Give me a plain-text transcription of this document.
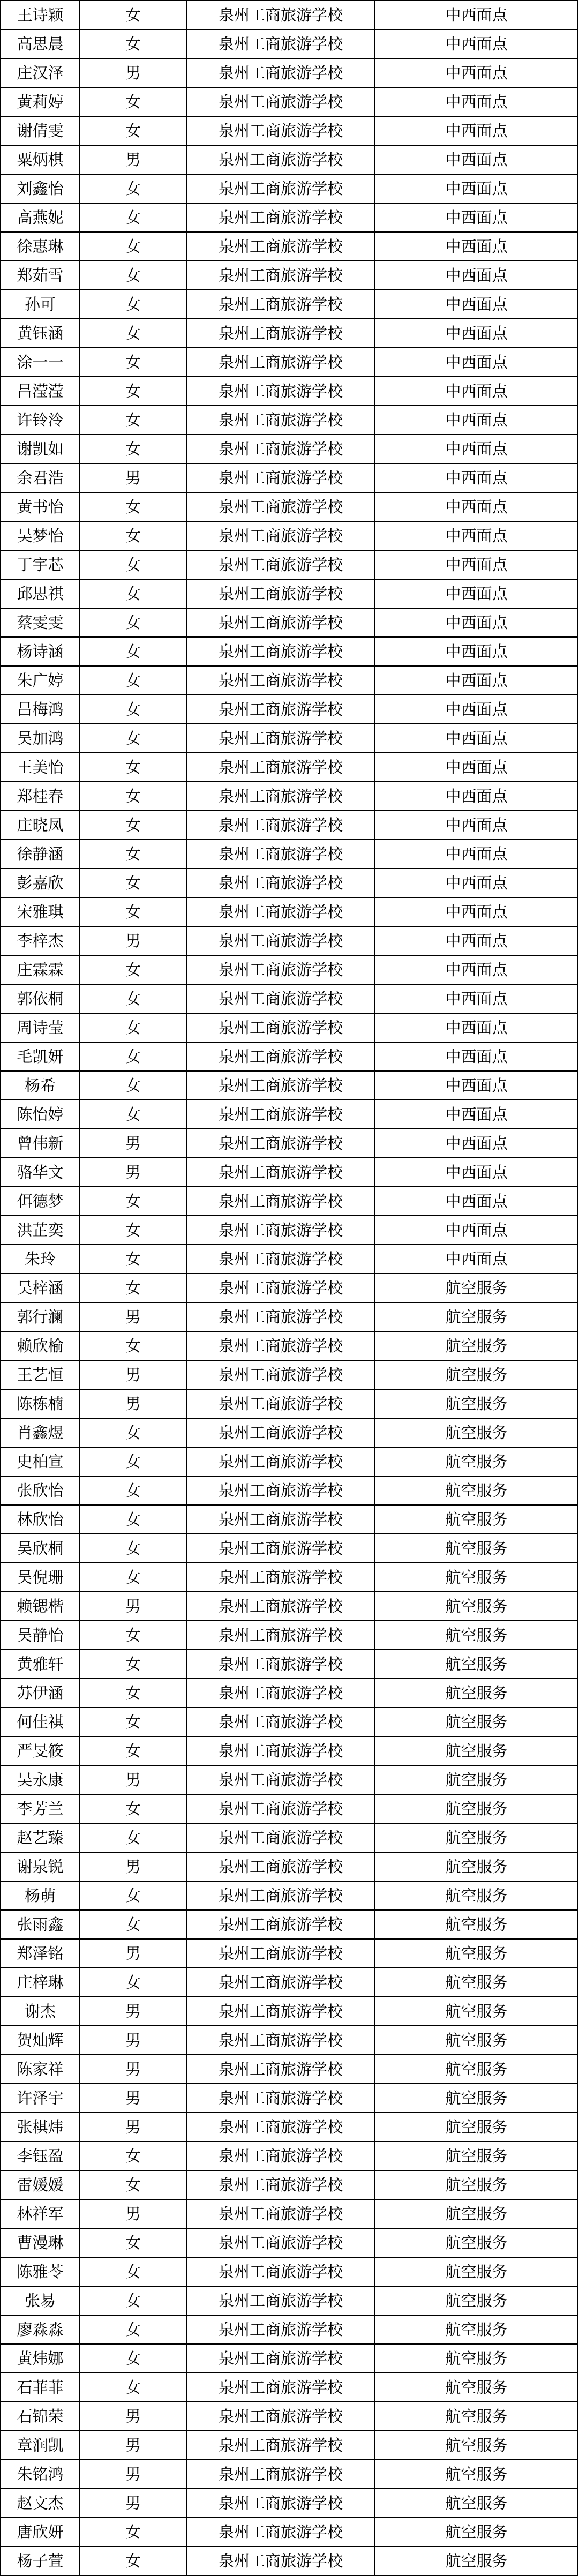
王诗颖	女	泉州工商旅游学校	中西面点
高思晨	女	泉州工商旅游学校	中西面点
庄汉泽	男	泉州工商旅游学校	中西面点
黄莉婷	女	泉州工商旅游学校	中西面点
谢倩雯	女	泉州工商旅游学校	中西面点
粟炳棋	男	泉州工商旅游学校	中西面点
刘鑫怡	女	泉州工商旅游学校	中西面点
高燕妮	女	泉州工商旅游学校	中西面点
徐惠琳	女	泉州工商旅游学校	中西面点
郑茹雪	女	泉州工商旅游学校	中西面点
孙可	女	泉州工商旅游学校	中西面点
黄钰涵	女	泉州工商旅游学校	中西面点
涂一一	女	泉州工商旅游学校	中西面点
吕滢滢	女	泉州工商旅游学校	中西面点
许铃泠	女	泉州工商旅游学校	中西面点
谢凯如	女	泉州工商旅游学校	中西面点
余君浩	男	泉州工商旅游学校	中西面点
黄书怡	女	泉州工商旅游学校	中西面点
吴梦怡	女	泉州工商旅游学校	中西面点
丁宇芯	女	泉州工商旅游学校	中西面点
邱思祺	女	泉州工商旅游学校	中西面点
蔡雯雯	女	泉州工商旅游学校	中西面点
杨诗涵	女	泉州工商旅游学校	中西面点
朱广婷	女	泉州工商旅游学校	中西面点
吕梅鸿	女	泉州工商旅游学校	中西面点
吴加鸿	女	泉州工商旅游学校	中西面点
王美怡	女	泉州工商旅游学校	中西面点
郑桂春	女	泉州工商旅游学校	中西面点
庄晓凤	女	泉州工商旅游学校	中西面点
徐静涵	女	泉州工商旅游学校	中西面点
彭嘉欣	女	泉州工商旅游学校	中西面点
宋雅琪	女	泉州工商旅游学校	中西面点
李梓杰	男	泉州工商旅游学校	中西面点
庄霖霖	女	泉州工商旅游学校	中西面点
郭依桐	女	泉州工商旅游学校	中西面点
周诗莹	女	泉州工商旅游学校	中西面点
毛凯妍	女	泉州工商旅游学校	中西面点
杨希	女	泉州工商旅游学校	中西面点
陈怡婷	女	泉州工商旅游学校	中西面点
曾伟新	男	泉州工商旅游学校	中西面点
骆华文	男	泉州工商旅游学校	中西面点
佴德梦	女	泉州工商旅游学校	中西面点
洪芷奕	女	泉州工商旅游学校	中西面点
朱玲	女	泉州工商旅游学校	中西面点
吴梓涵	女	泉州工商旅游学校	航空服务
郭行澜	男	泉州工商旅游学校	航空服务
赖欣榆	女	泉州工商旅游学校	航空服务
王艺恒	男	泉州工商旅游学校	航空服务
陈栋楠	男	泉州工商旅游学校	航空服务
肖鑫煜	女	泉州工商旅游学校	航空服务
史柏宣	女	泉州工商旅游学校	航空服务
张欣怡	女	泉州工商旅游学校	航空服务
林欣怡	女	泉州工商旅游学校	航空服务
吴欣桐	女	泉州工商旅游学校	航空服务
吴倪珊	女	泉州工商旅游学校	航空服务
赖锶楷	男	泉州工商旅游学校	航空服务
吴静怡	女	泉州工商旅游学校	航空服务
黄雅轩	女	泉州工商旅游学校	航空服务
苏伊涵	女	泉州工商旅游学校	航空服务
何佳祺	女	泉州工商旅游学校	航空服务
严旻筱	女	泉州工商旅游学校	航空服务
吴永康	男	泉州工商旅游学校	航空服务
李芳兰	女	泉州工商旅游学校	航空服务
赵艺臻	女	泉州工商旅游学校	航空服务
谢泉锐	男	泉州工商旅游学校	航空服务
杨萌	女	泉州工商旅游学校	航空服务
张雨鑫	女	泉州工商旅游学校	航空服务
郑泽铭	男	泉州工商旅游学校	航空服务
庄梓琳	女	泉州工商旅游学校	航空服务
谢杰	男	泉州工商旅游学校	航空服务
贺灿辉	男	泉州工商旅游学校	航空服务
陈家祥	男	泉州工商旅游学校	航空服务
许泽宇	男	泉州工商旅游学校	航空服务
张棋炜	男	泉州工商旅游学校	航空服务
李钰盈	女	泉州工商旅游学校	航空服务
雷媛媛	女	泉州工商旅游学校	航空服务
林祥军	男	泉州工商旅游学校	航空服务
曹漫琳	女	泉州工商旅游学校	航空服务
陈雅苓	女	泉州工商旅游学校	航空服务
张易	女	泉州工商旅游学校	航空服务
廖淼淼	女	泉州工商旅游学校	航空服务
黄炜娜	女	泉州工商旅游学校	航空服务
石菲菲	女	泉州工商旅游学校	航空服务
石锦荣	男	泉州工商旅游学校	航空服务
章润凯	男	泉州工商旅游学校	航空服务
朱铭鸿	男	泉州工商旅游学校	航空服务
赵文杰	男	泉州工商旅游学校	航空服务
唐欣妍	女	泉州工商旅游学校	航空服务
杨子萱	女	泉州工商旅游学校	航空服务
